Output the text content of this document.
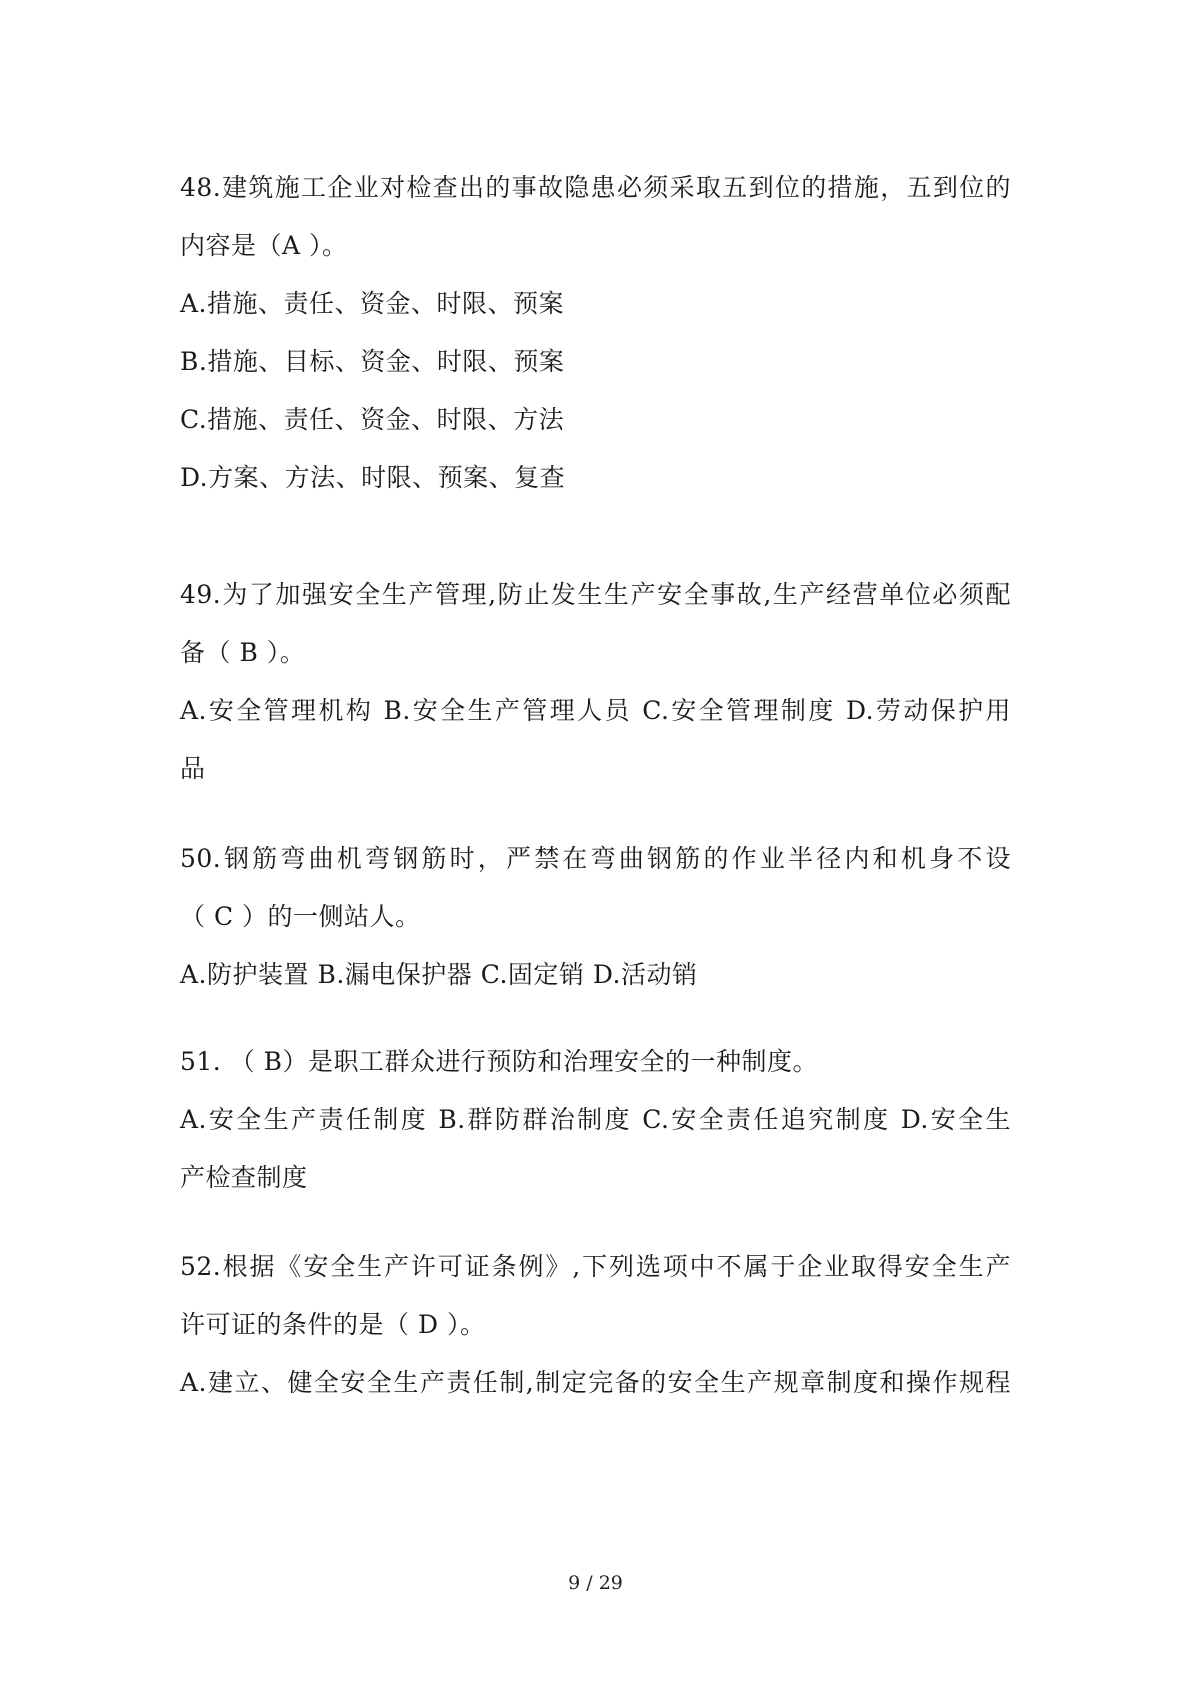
48.建筑施工企业对检查出的事故隐患必须采取五到位的措施，五到位的
内容是（A ）。
A.措施、责任、资金、时限、预案
B.措施、目标、资金、时限、预案
C.措施、责任、资金、时限、方法
D.方案、方法、时限、预案、复查
49.为了加强安全生产管理,防止发生生产安全事故,生产经营单位必须配
备（ B ）。
A.安全管理机构 B.安全生产管理人员 C.安全管理制度 D.劳动保护用
品
50.钢筋弯曲机弯钢筋时，严禁在弯曲钢筋的作业半径内和机身不设
（ C ）的一侧站人。
A.防护装置 B.漏电保护器 C.固定销 D.活动销
51. （ B）是职工群众进行预防和治理安全的一种制度。
A.安全生产责任制度 B.群防群治制度 C.安全责任追究制度 D.安全生
产检查制度
52.根据《安全生产许可证条例》,下列选项中不属于企业取得安全生产
许可证的条件的是（ D ）。
A.建立、健全安全生产责任制,制定完备的安全生产规章制度和操作规程
9 / 29
